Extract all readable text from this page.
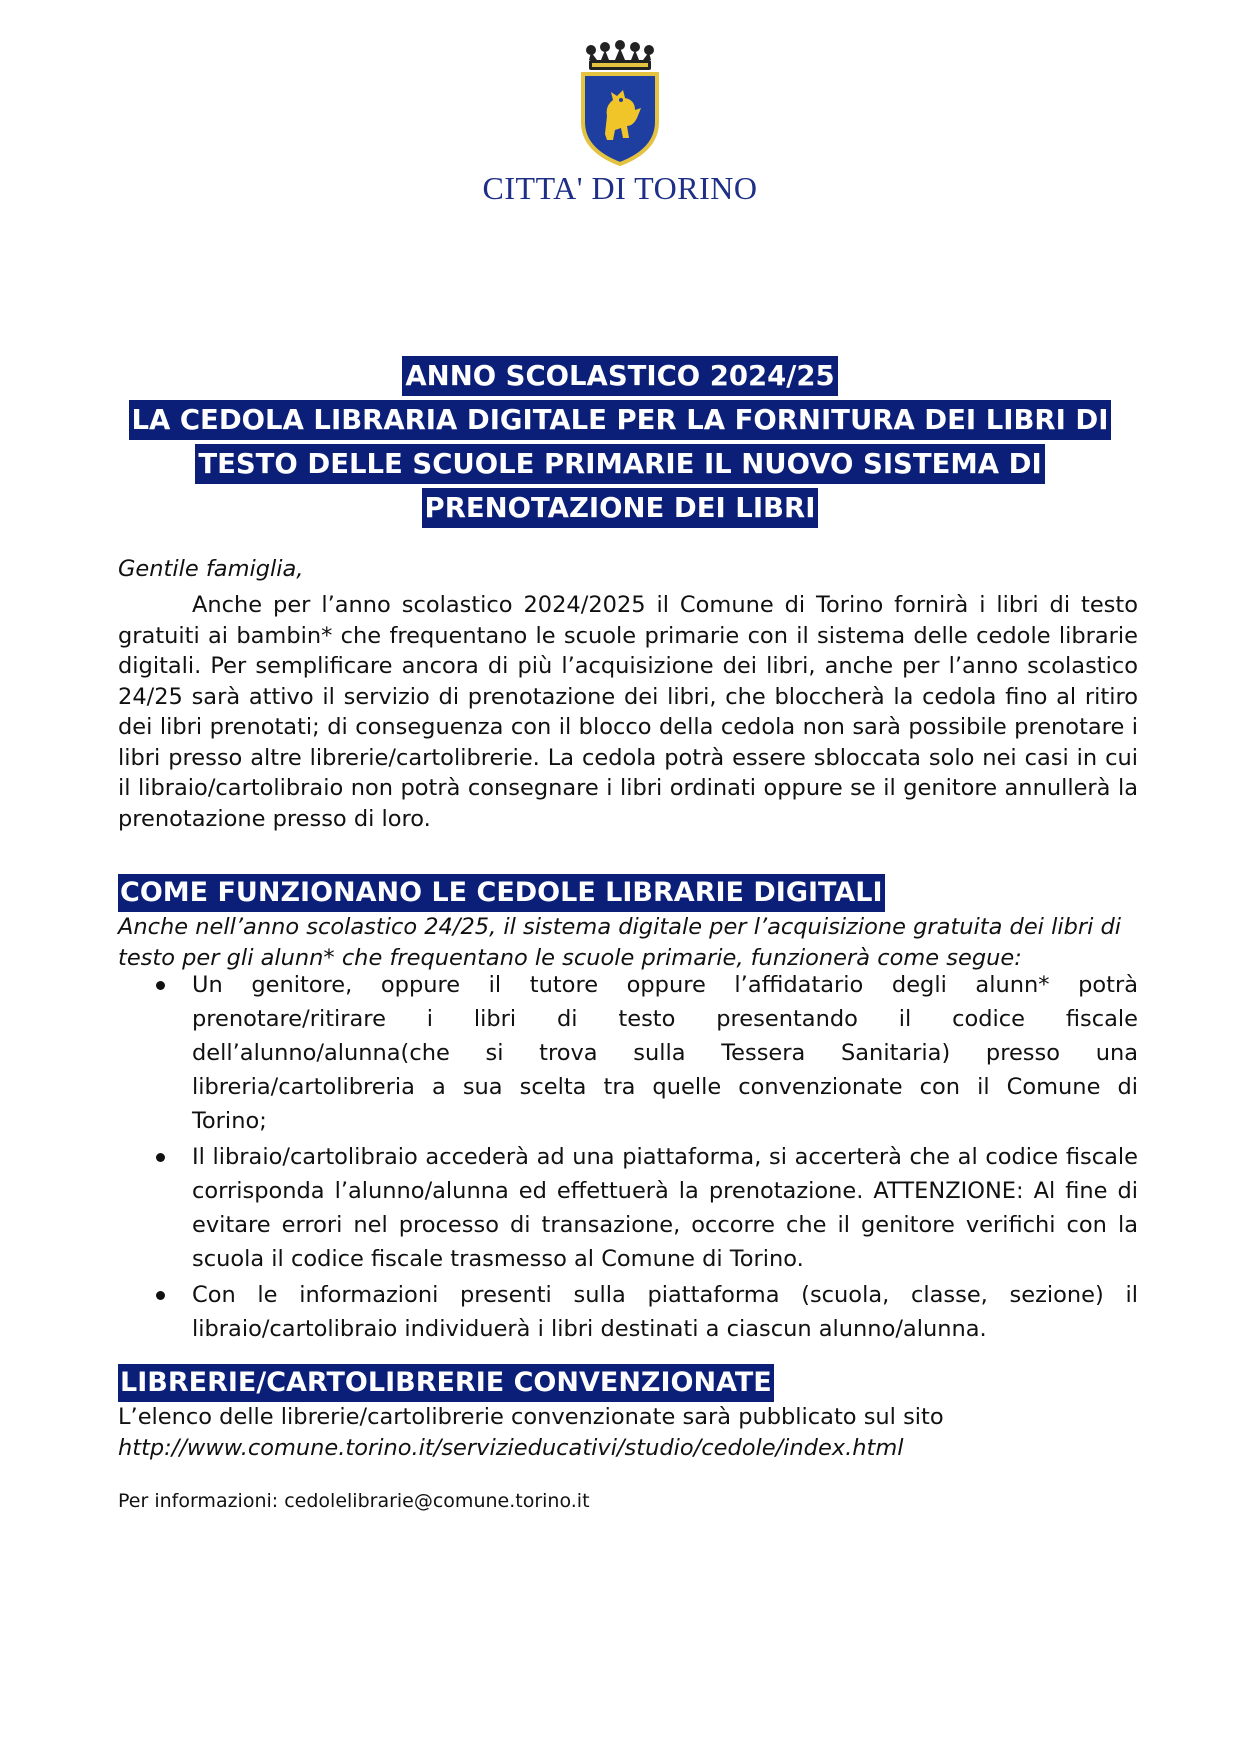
CITTA' DI TORINO
ANNO SCOLASTICO 2024/25
LA CEDOLA LIBRARIA DIGITALE PER LA FORNITURA DEI LIBRI DI
TESTO DELLE SCUOLE PRIMARIE IL NUOVO SISTEMA DI
PRENOTAZIONE DEI LIBRI
Gentile famiglia,
Anche per l’anno scolastico 2024/2025 il Comune di Torino fornirà i libri di testo gratuiti ai bambin* che frequentano le scuole primarie con il sistema delle cedole librarie digitali. Per semplificare ancora di più l’acquisizione dei libri, anche per l’anno scolastico 24/25 sarà attivo il servizio di prenotazione dei libri, che bloccherà la cedola fino al ritiro dei libri prenotati; di conseguenza con il blocco della cedola non sarà possibile prenotare i libri presso altre librerie/cartolibrerie. La cedola potrà essere sbloccata solo nei casi in cui il libraio/cartolibraio non potrà consegnare i libri ordinati oppure se il genitore annullerà la prenotazione presso di loro.
COME FUNZIONANO LE CEDOLE LIBRARIE DIGITALI
Anche nell’anno scolastico 24/25, il sistema digitale per l’acquisizione gratuita dei libri di testo per gli alunn* che frequentano le scuole primarie, funzionerà come segue:
Un genitore, oppure il tutore oppure l’affidatario degli alunn* potrà prenotare/ritirare i libri di testo presentando il codice fiscale dell’alunno/alunna(che si trova sulla Tessera Sanitaria) presso una libreria/cartolibreria a sua scelta tra quelle convenzionate con il Comune di Torino;
Il libraio/cartolibraio accederà ad una piattaforma, si accerterà che al codice fiscale corrisponda l’alunno/alunna ed effettuerà la prenotazione. ATTENZIONE: Al fine di evitare errori nel processo di transazione, occorre che il genitore verifichi con la scuola il codice fiscale trasmesso al Comune di Torino.
Con le informazioni presenti sulla piattaforma (scuola, classe, sezione) il libraio/cartolibraio individuerà i libri destinati a ciascun alunno/alunna.
LIBRERIE/CARTOLIBRERIE CONVENZIONATE
L’elenco delle librerie/cartolibrerie convenzionate sarà pubblicato sul sito
http://www.comune.torino.it/servizieducativi/studio/cedole/index.html
Per informazioni: cedolelibrarie@comune.torino.it
